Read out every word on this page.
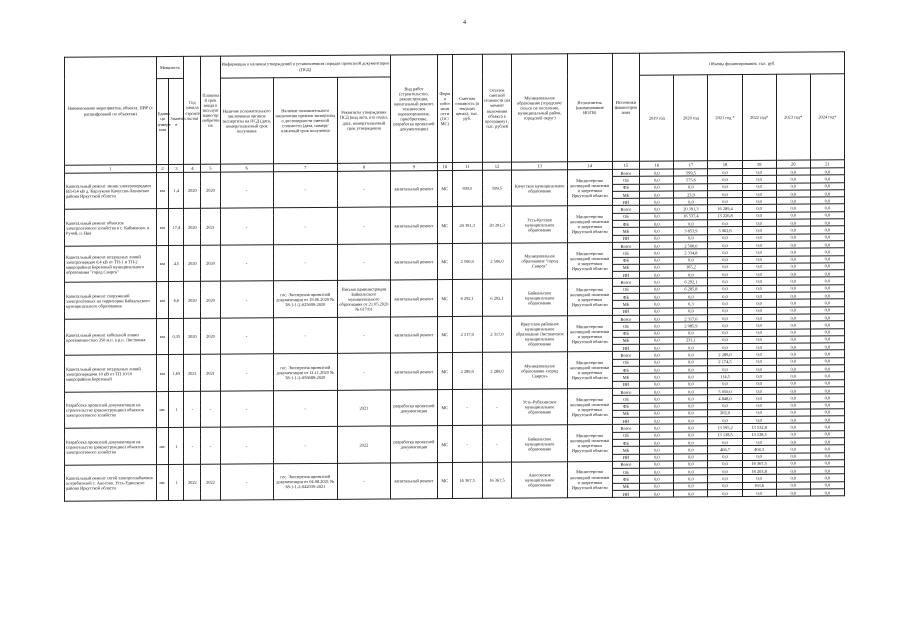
4
Наименование мероприятия, объекта, ПИР (с расшифровкой по объектам)	Мощность		Год начала строите льства	Плановы й срок ввода в эксплуат ацию/пр иобретен ия	Информация о наличии утверждений в установленном порядке проектной документации (ПСД)			Вид работ (строительство, реконструкция, капитальный ремонт, техническое перевооружение, приобретение, разработка проектной документации)	Форм а собст венн ости (ОС/ МС)	Сметная стоимость (в текущих ценах), тыс. руб.	Остаток сметной стоимости (на момент включения объекта в программу) , тыс. рублей	Муниципальное образование (городское/сельск ое поселение, муниципальный район, городской округ)	Исполнитель (наименование ИОГВ)	Источники финансиров ания	Объемы финансирования, тыс. руб.					
	Едини ца измере ния	Значени е			Наличие положительного заключения органов экспертизы на ПСД (дата, номер)/плановый срок получения	Наличие положительного заключения органов экспертизы о достоверности сметной стоимости (дата, номер)/плановый срок получения	Реквизиты утверждения ПСД (вид акта, кто издал, дата, номер)/плановый срок утверждения								2019 год	2020 год	2021 год *	2022 год*	2023 год*	2024 год*
1	2	3	4	5	6	7	8	9	10	11	12	13	14	15	16	17	18	19	20	21
Капитальный ремонт линии электропередачи ВЛ-0,4 кВ д. Карлуково Качугско-Левинское района Иркутской области	км	1,4	2020	2020	-	-	-	капитальный ремонт	МС	599,5	599,5	Качугское муниципальное образование	Министерство жилищной политики и энергетики Иркутской области	Всего	0,0	599,5	0,0	0,0	0,0	0,0
														ОБ	0,0	575,6	0,0	0,0	0,0	0,0
														ФБ	0,0	0,0	0,0	0,0	0,0	0,0
														МБ	0,0	23,9	0,0	0,0	0,0	0,0
														ИИ	0,0	0,0	0,0	0,0	0,0	0,0
Капитальный ремонт объектов электросетевого хозяйства в с. Кайменово, п. Ручей, п. Ния	км	17,4	2020	2021	-	-	-	капитальный ремонт	МС	20 391,3	20 391,3	Усть-Кутское муниципальное образование	Министерство жилищной политики и энергетики Иркутской области	Всего	0,0	20 391,3	16 289,4	0,0	0,0	0,0
														ОБ	0,0	16 537,4	13 226,8	0,0	0,0	0,0
														ФБ	0,0	0,0	0,0	0,0	0,0	0,0
														МБ	0,0	3 853,9	3 062,6	0,0	0,0	0,0
														ИИ	0,0	0,0	0,0	0,0	0,0	0,0
Капитальный ремонт воздушных линий электропередач 0,4 кВ от ТП-1 и ТП-2 микрорайона Березовый муниципального образования "город Свирск"	км	4,5	2020	2020	-	-	-	капитальный ремонт	МС	2 500,0	2 500,0	Муниципальное образование "город Свирск"	Министерство жилищной политики и энергетики Иркутской области	Всего	0,0	2 500,0	0,0	0,0	0,0	0,0
														ОБ	0,0	2 334,8	0,0	0,0	0,0	0,0
														ФБ	0,0	0,0	0,0	0,0	0,0	0,0
														МБ	0,0	165,2	0,0	0,0	0,0	0,0
														ИИ	0,0	0,0	0,0	0,0	0,0	0,0
Капитальный ремонт сооружений электросетевых на территории Байкальского муниципального образования	км	6,6	2020	2020	-	гос. Экспертиза проектной документации от 19.06.2020 № 38-1-1-2-025699-2020	Письмо администрации Байкальского муниципального образования от 21.05.2020 № 617/01	капитальный ремонт	МС	6 292,1	6 292,1	Байкальское муниципальное образование	Министерство жилищной политики и энергетики Иркутской области	Всего	0,0	6 292,1	0,0	0,0	0,0	0,0
														ОБ	0,0	6 285,8	0,0	0,0	0,0	0,0
														ФБ	0,0	0,0	0,0	0,0	0,0	0,0
														МБ	0,0	6,3	0,0	0,0	0,0	0,0
														ИИ	0,0	0,0	0,0	0,0	0,0	0,0
Капитальный ремонт кабельной линии протяженностью 350 м.п. в р.п. Листвянка	км	0,35	2020	2020	-	-	-	капитальный ремонт	МС	2 317,0	2 317,0	Иркутское районное муниципальное образование Листвянское муниципальное образование	Министерство жилищной политики и энергетики Иркутской области	Всего	0,0	2 317,0	0,0	0,0	0,0	0,0
														ОБ	0,0	2 085,9	0,0	0,0	0,0	0,0
														ФБ	0,0	0,0	0,0	0,0	0,0	0,0
														МБ	0,0	231,1	0,0	0,0	0,0	0,0
														ИИ	0,0	0,0	0,0	0,0	0,0	0,0
Капитальный ремонт воздушных линий электропередачи 10 кВ от ТП 10/10 микрорайона Березовый	км	1,65	2021	2021	-	гос. Экспертиза проектной документации от 11.11.2020 № 38-1-1-2-056689-2020	-	капитальный ремонт	МС	2 289,0	2 289,0	Муниципальное образование «город Свирск»	Министерство жилищной политики и энергетики Иркутской области	Всего	0,0	0,0	2 289,0	0,0	0,0	0,0
														ОБ	0,0	0,0	2 174,5	0,0	0,0	0,0
														ФБ	0,0	0,0	0,0	0,0	0,0	0,0
														МБ	0,0	0,0	114,5	0,0	0,0	0,0
														ИИ	0,0	0,0	0,0	0,0	0,0	0,0
Разработка проектной документации на строительство (реконструкцию) объектов электросетевого хозяйства	шт.	1	-	-	-	-	2021	разработка проектной документации	МС	-	-	Усть-Рубахинское муниципальное образование	Министерство жилищной политики и энергетики Иркутской области	Всего	0,0	0,0	5 050,0	0,0	0,0	0,0
														ОБ	0,0	0,0	4 848,0	0,0	0,0	0,0
														ФБ	0,0	0,0	0,0	0,0	0,0	0,0
														МБ	0,0	0,0	202,0	0,0	0,0	0,0
														ИИ	0,0	0,0	0,0	0,0	0,0	0,0
Разработка проектной документации на строительство (реконструкцию) объектов электросетевого хозяйства	шт.	1	-	-	-	-	2022	разработка проектной документации	МС	-	-	Байкальское муниципальное образование	Министерство жилищной политики и энергетики Иркутской области	Всего	0,0	0,0	13 595,2	13 532,8	0,0	0,0
														ОБ	0,0	0,0	13 128,5	13 128,5	0,0	0,0
														ФБ	0,0	0,0	0,0	0,0	0,0	0,0
														МБ	0,0	0,0	466,7	404,3	0,0	0,0
														ИИ	0,0	0,0	0,0	0,0	0,0	0,0
Капитальный ремонт сетей электроснабжения потребителей с. Аносово, Усть-Удинского района Иркутской области	шт.	1	2022	2022	-	гос. Экспертиза проектной документации от 04.08.2021 № 38-1-1-2-042039-2021	-	капитальный ремонт	МС	16 367,5	16 367,5	Аносовское муниципальное образование	Министерство жилищной политики и энергетики Иркутской области	Всего	0,0	0,0	0,0	16 367,5	0,0	0,0
														ОБ	0,0	0,0	0,0	16 203,8	0,0	0,0
														ФБ	0,0	0,0	0,0	0,0	0,0	0,0
														МБ	0,0	0,0	0,0	163,6	0,0	0,0
														ИИ	0,0	0,0	0,0	0,0	0,0	0,0
